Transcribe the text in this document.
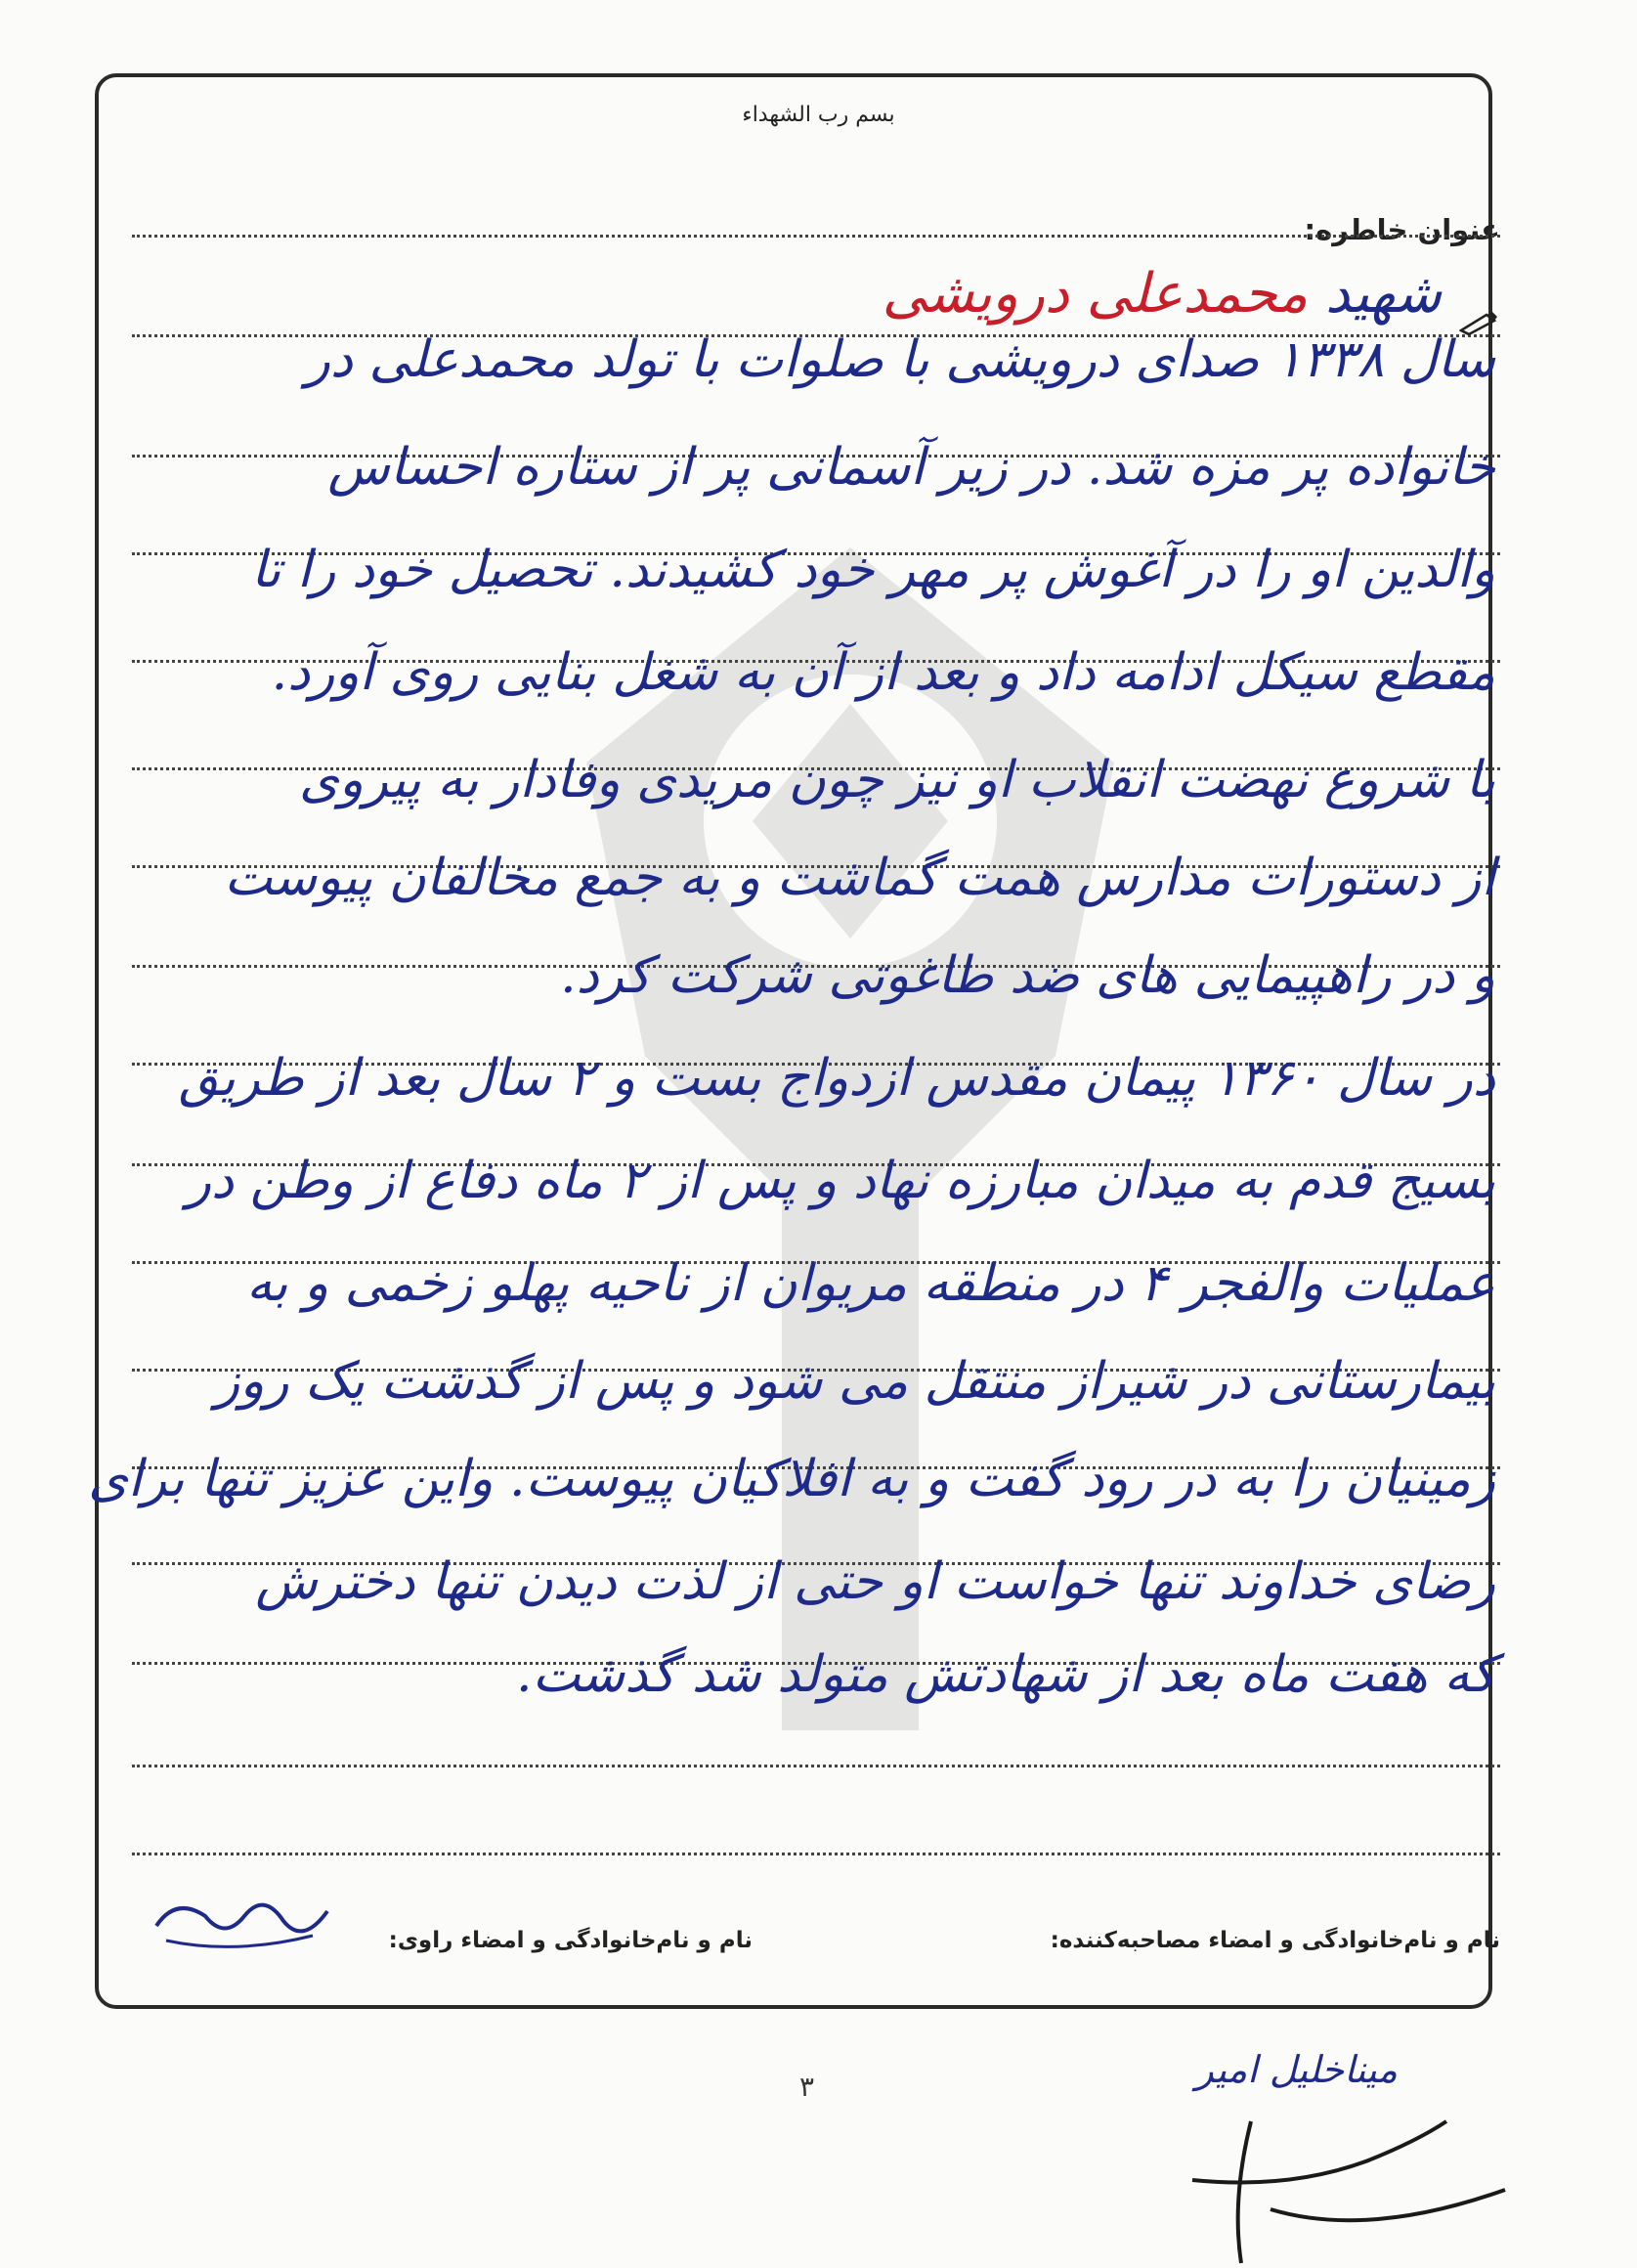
بسم رب الشهداء
عنوان خاطره:
شهید محمدعلی درویشی
سال ۱۳۳۸ صدای درویشی با صلوات با تولد محمدعلی در
خانواده پر مزه شد. در زیر آسمانی پر از ستاره احساس
والدین او را در آغوش پر مهر خود کشیدند. تحصیل خود را تا
مقطع سیکل ادامه داد و بعد از آن به شغل بنایی روی آورد.
با شروع نهضت انقلاب او نیز چون مریدی وفادار به پیروی
از دستورات مدارس همت گماشت و به جمع مخالفان پیوست
و در راهپیمایی های ضد طاغوتی شرکت کرد.
در سال ۱۳۶۰ پیمان مقدس ازدواج بست و ۲ سال بعد از طریق
بسیج قدم به میدان مبارزه نهاد و پس از ۲ ماه دفاع از وطن در
عملیات والفجر ۴ در منطقه مریوان از ناحیه پهلو زخمی و به
بیمارستانی در شیراز منتقل می شود و پس از گذشت یک روز
زمینیان را به در رود گفت و به افلاکیان پیوست. واین عزیز تنها برای
رضای خداوند تنها خواست او حتی از لذت دیدن تنها دخترش
که هفت ماه بعد از شهادتش متولد شد گذشت.
نام و نام‌خانوادگی و امضاء مصاحبه‌کننده:
نام و نام‌خانوادگی و امضاء راوی:
۳	میناخلیل امیر
